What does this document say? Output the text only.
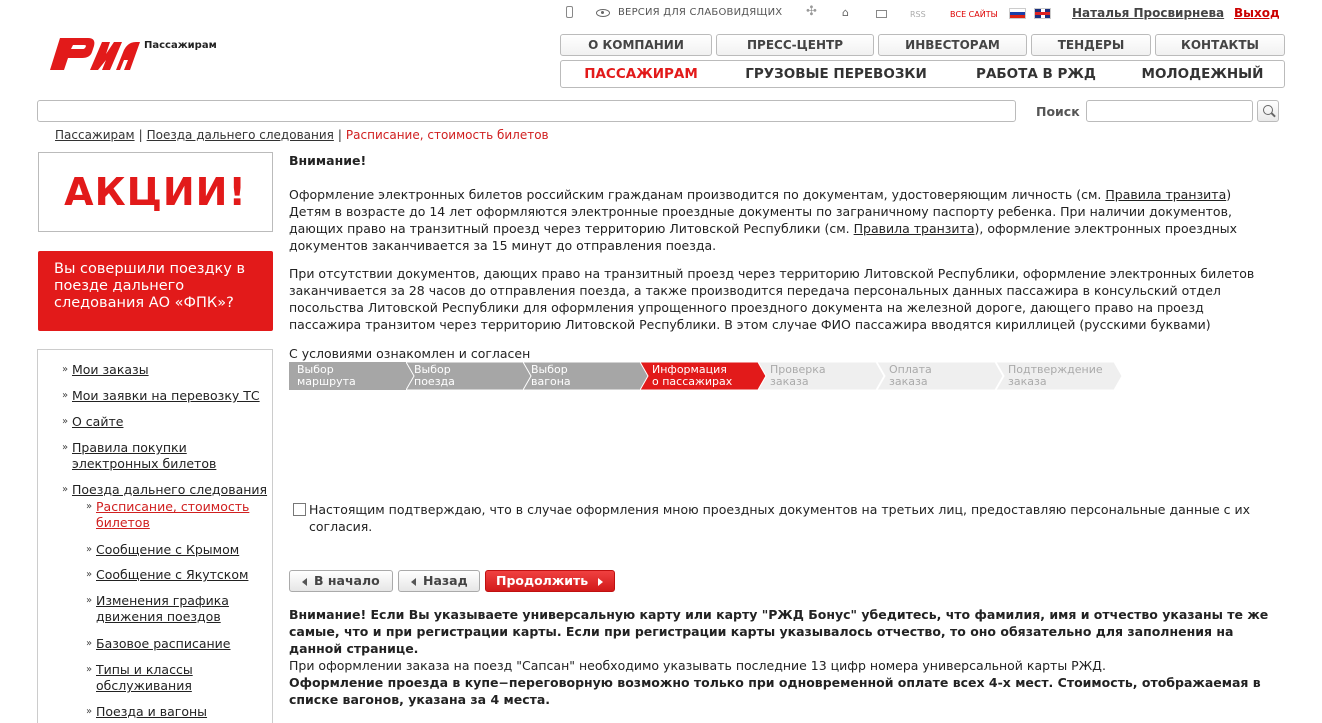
ВЕРСИЯ ДЛЯ СЛАБОВИДЯЩИХ ✣ ⌂	RSS	ВСЕ САЙТЫ	Наталья Просвирнева Выход
Пассажирам	О КОМПАНИИ	ПРЕСС-ЦЕНТР	ИНВЕСТОРАМ	ТЕНДЕРЫ	КОНТАКТЫ
ПАССАЖИРАМ	ГРУЗОВЫЕ ПЕРЕВОЗКИ	РАБОТА В РЖД	МОЛОДЕЖНЫЙ
Поиск
Пассажирам | Поезда дальнего следования | Расписание, стоимость билетов
АКЦИИ!
Вы совершили поездку в поезде дальнего следования АО «ФПК»?
» Мои заказы
» Мои заявки на перевозку ТС
» О сайте
» Правила покупки электронных билетов
» Поезда дальнего следования
» Расписание, стоимость билетов
» Сообщение с Крымом
» Сообщение с Якутском
» Изменения графика движения поездов
» Базовое расписание
» Типы и классы обслуживания
» Поезда и вагоны

Внимание!

Оформление электронных билетов российским гражданам производится по документам, удостоверяющим личность (см. Правила транзита)

Детям в возрасте до 14 лет оформляются электронные проездные документы по заграничному паспорту ребенка. При наличии документов, дающих право на транзитный проезд через территорию Литовской Республики (см. Правила транзита), оформление электронных проездных документов заканчивается за 15 минут до отправления поезда.

При отсутствии документов, дающих право на транзитный проезд через территорию Литовской Республики, оформление электронных билетов заканчивается за 28 часов до отправления поезда, а также производится передача персональных данных пассажира в консульский отдел посольства Литовской Республики для оформления упрощенного проездного документа на железной дороге, дающего право на проезд пассажира транзитом через территорию Литовской Республики. В этом случае ФИО пассажира вводятся кириллицей (русскими буквами)

С условиями ознакомлен и согласен

Выбор
маршрута
Выбор
поезда
Выбор
вагона
Информация
о пассажирах
Проверка
заказа
Оплата
заказа
Подтверждение
заказа
Настоящим подтверждаю, что в случае оформления мною проездных документов на третьих лиц, предоставляю персональные данные с их согласия.
В начало	Назад	Продолжить
Внимание! Если Вы указываете универсальную карту или карту "РЖД Бонус" убедитесь, что фамилия, имя и отчество указаны те же самые, что и при регистрации карты. Если при регистрации карты указывалось отчество, то оно обязательно для заполнения на данной странице.
При оформлении заказа на поезд "Сапсан" необходимо указывать последние 13 цифр номера универсальной карты РЖД.
Оформление проезда в купе−переговорную возможно только при одновременной оплате всех 4-х мест. Стоимость, отображаемая в списке вагонов, указана за 4 места.
